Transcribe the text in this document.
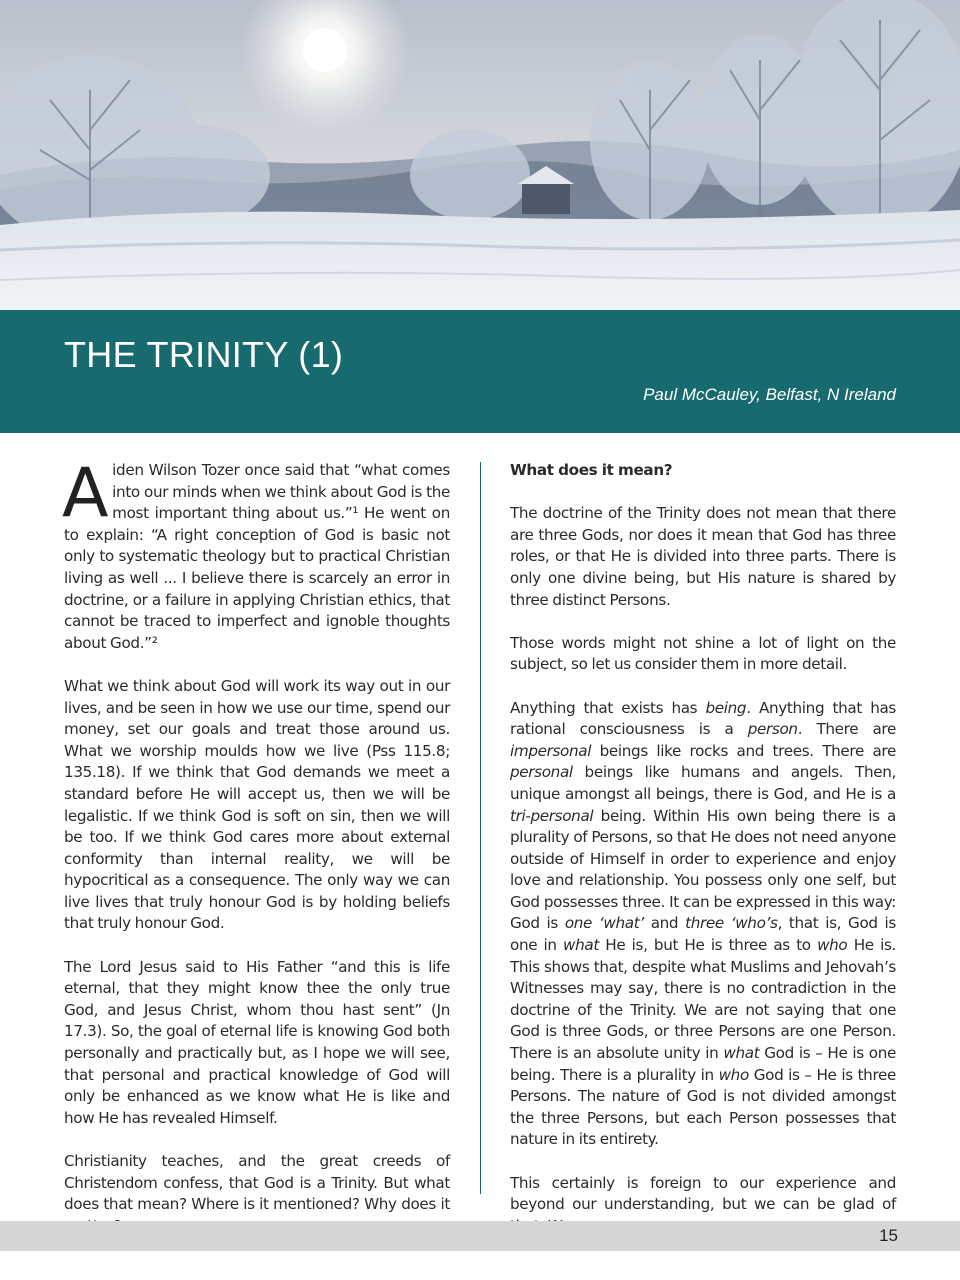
THE TRINITY (1)
Paul McCauley, Belfast, N Ireland

Aiden Wilson Tozer once said that “what comes into our minds when we think about God is the most important thing about us.”¹ He went on to explain: “A right conception of God is basic not only to systematic theology but to practical Christian living as well ... I believe there is scarcely an error in doctrine, or a failure in applying Christian ethics, that cannot be traced to imperfect and ignoble thoughts about God.”²

What we think about God will work its way out in our lives, and be seen in how we use our time, spend our money, set our goals and treat those around us. What we worship moulds how we live (Pss 115.8; 135.18). If we think that God demands we meet a standard before He will accept us, then we will be legalistic. If we think God is soft on sin, then we will be too. If we think God cares more about external conformity than internal reality, we will be hypocritical as a consequence. The only way we can live lives that truly honour God is by holding beliefs that truly honour God.

The Lord Jesus said to His Father “and this is life eternal, that they might know thee the only true God, and Jesus Christ, whom thou hast sent” (Jn 17.3). So, the goal of eternal life is knowing God both personally and practically but, as I hope we will see, that personal and practical knowledge of God will only be enhanced as we know what He is like and how He has revealed Himself.

Christianity teaches, and the great creeds of Christendom confess, that God is a Trinity. But what does that mean? Where is it mentioned? Why does it

What does it mean?

The doctrine of the Trinity does not mean that there are three Gods, nor does it mean that God has three roles, or that He is divided into three parts. There is only one divine being, but His nature is shared by three distinct Persons.

Those words might not shine a lot of light on the subject, so let us consider them in more detail.

Anything that exists has being. Anything that has rational consciousness is a person. There are impersonal beings like rocks and trees. There are personal beings like humans and angels. Then, unique amongst all beings, there is God, and He is a tri-personal being. Within His own being there is a plurality of Persons, so that He does not need anyone outside of Himself in order to experience and enjoy love and relationship. You possess only one self, but God possesses three. It can be expressed in this way: God is one ‘what’ and three ‘who’s, that is, God is one in what He is, but He is three as to who He is. This shows that, despite what Muslims and Jehovah’s Witnesses may say, there is no contradiction in the doctrine of the Trinity. We are not saying that one God is three Gods, or three Persons are one Person. There is an absolute unity in what God is – He is one being. There is a plurality in who God is – He is three Persons. The nature of God is not divided amongst the three Persons, but each Person possesses that nature in its entirety.

This certainly is foreign to our experience and beyond our understanding, but we can be glad of

15
